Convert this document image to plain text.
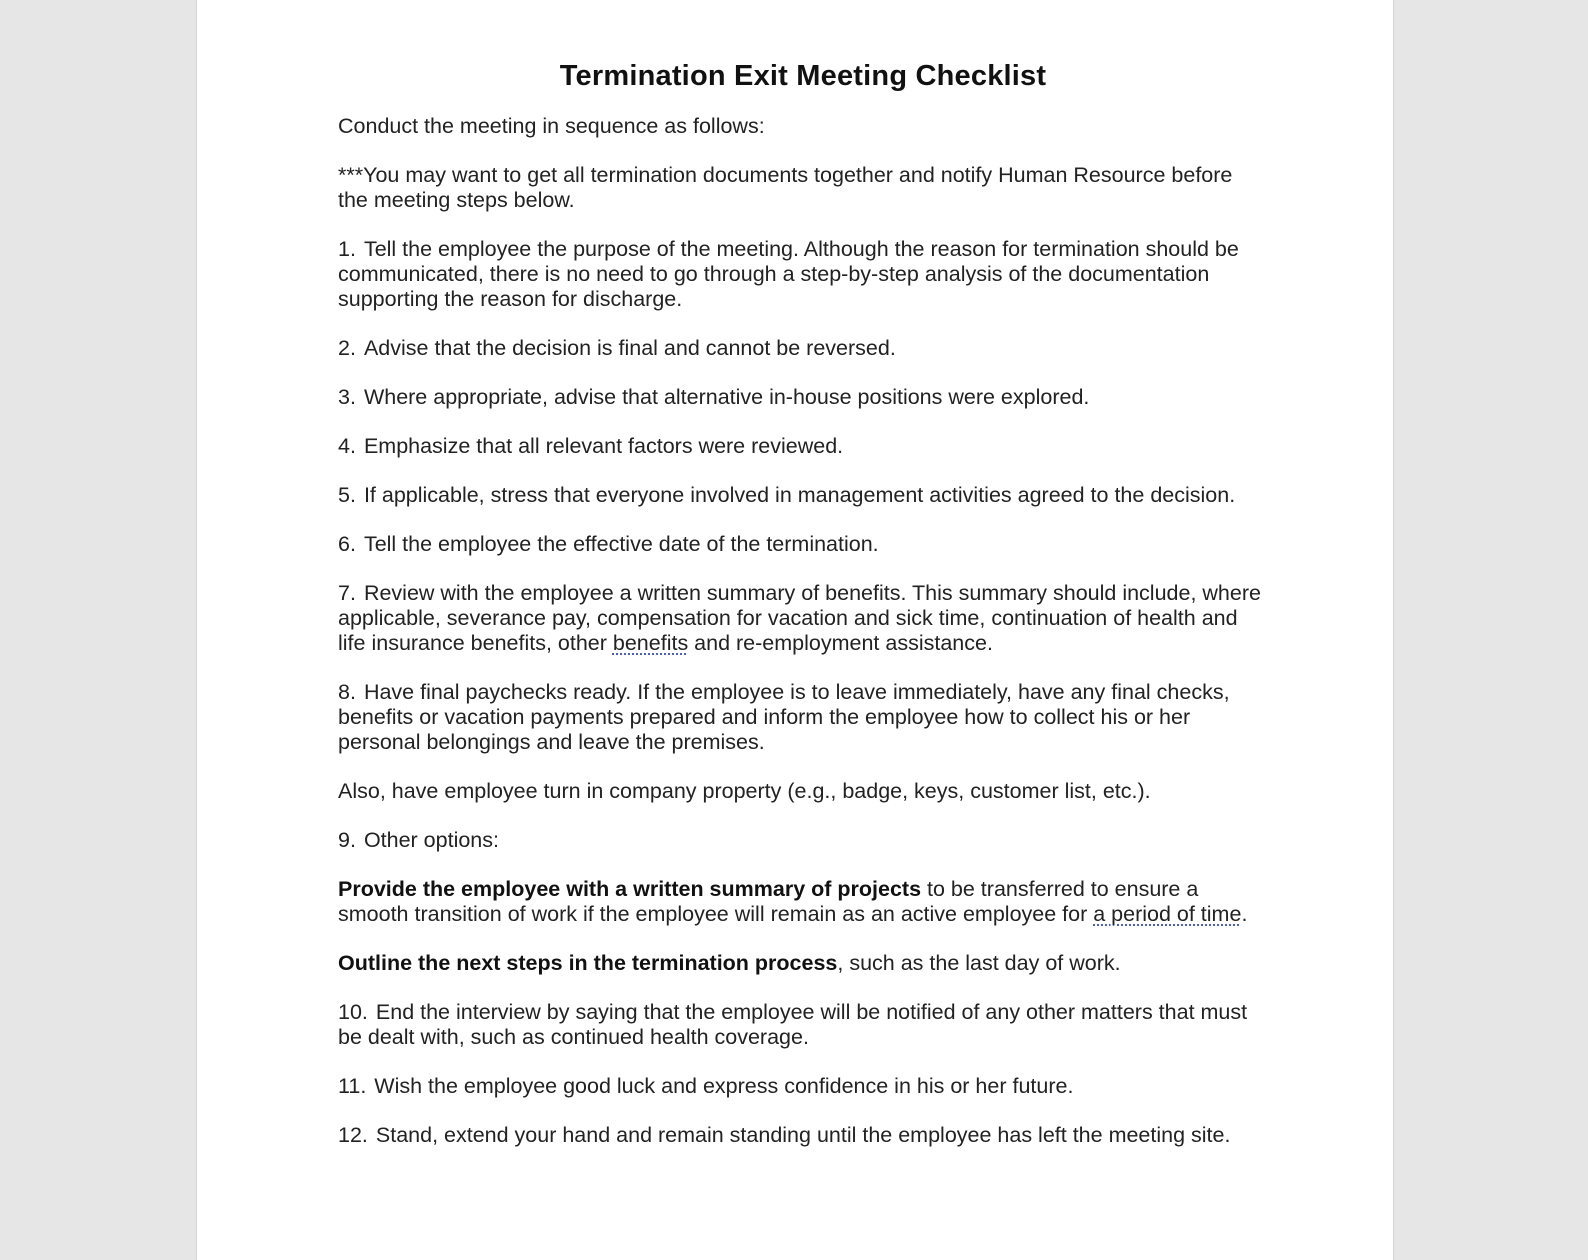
Termination Exit Meeting Checklist

Conduct the meeting in sequence as follows:

***You may want to get all termination documents together and notify Human Resource before the meeting steps below.

1. Tell the employee the purpose of the meeting. Although the reason for termination should be communicated, there is no need to go through a step-by-step analysis of the documentation supporting the reason for discharge.

2. Advise that the decision is final and cannot be reversed.

3. Where appropriate, advise that alternative in-house positions were explored.

4. Emphasize that all relevant factors were reviewed.

5. If applicable, stress that everyone involved in management activities agreed to the decision.

6. Tell the employee the effective date of the termination.

7. Review with the employee a written summary of benefits. This summary should include, where applicable, severance pay, compensation for vacation and sick time, continuation of health and life insurance benefits, other benefits and re-employment assistance.

8. Have final paychecks ready. If the employee is to leave immediately, have any final checks, benefits or vacation payments prepared and inform the employee how to collect his or her personal belongings and leave the premises.

Also, have employee turn in company property (e.g., badge, keys, customer list, etc.).

9. Other options:

Provide the employee with a written summary of projects to be transferred to ensure a smooth transition of work if the employee will remain as an active employee for a period of time.

Outline the next steps in the termination process, such as the last day of work.

10. End the interview by saying that the employee will be notified of any other matters that must be dealt with, such as continued health coverage.

11. Wish the employee good luck and express confidence in his or her future.

12. Stand, extend your hand and remain standing until the employee has left the meeting site.
